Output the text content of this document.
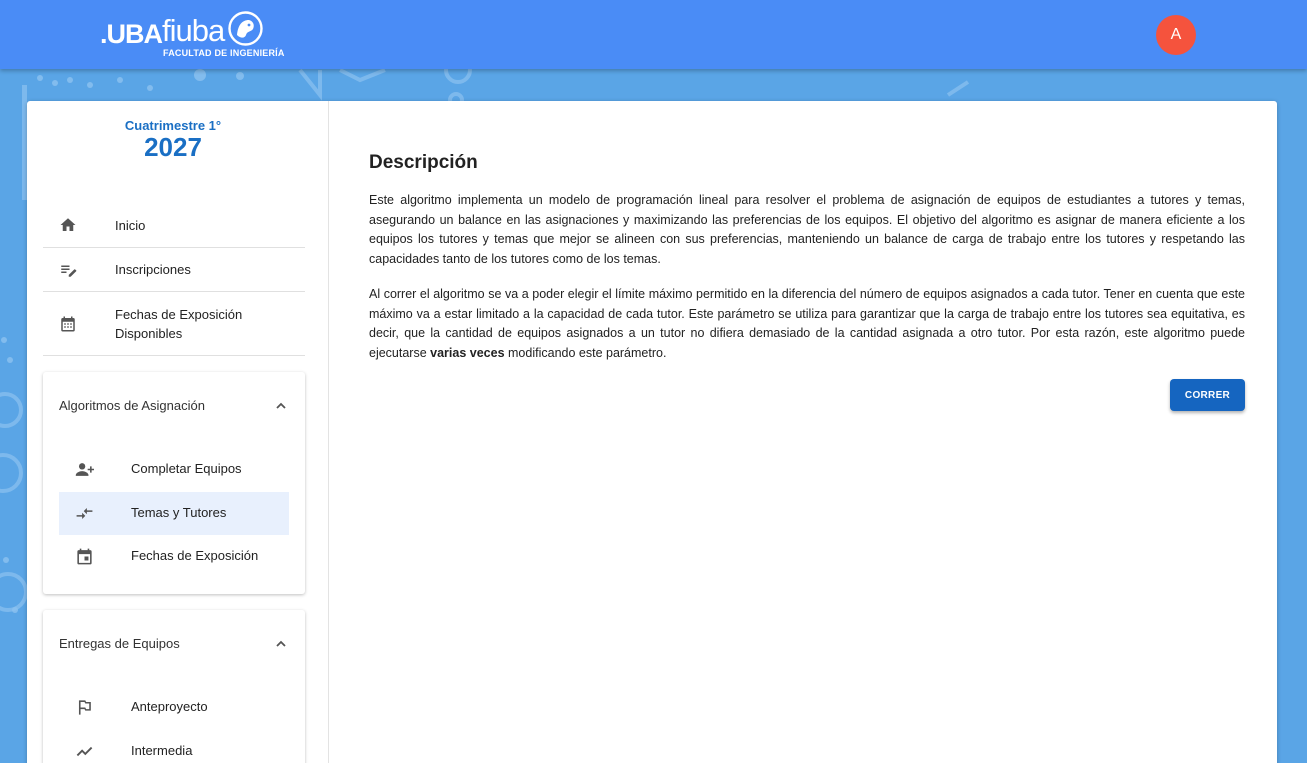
.UBA fiuba
FACULTAD DE INGENIERÍA
A
Cuatrimestre 1°
2027
Inicio
Inscripciones
Fechas de Exposición Disponibles
Algoritmos de Asignación
Completar Equipos
Temas y Tutores
Fechas de Exposición
Entregas de Equipos
Anteproyecto
Intermedia
Descripción

Este algoritmo implementa un modelo de programación lineal para resolver el problema de asignación de equipos de estudiantes a tutores y temas, asegurando un balance en las asignaciones y maximizando las preferencias de los equipos. El objetivo del algoritmo es asignar de manera eficiente a los equipos los tutores y temas que mejor se alineen con sus preferencias, manteniendo un balance de carga de trabajo entre los tutores y respetando las capacidades tanto de los tutores como de los temas.

Al correr el algoritmo se va a poder elegir el límite máximo permitido en la diferencia del número de equipos asignados a cada tutor. Tener en cuenta que este máximo va a estar limitado a la capacidad de cada tutor. Este parámetro se utiliza para garantizar que la carga de trabajo entre los tutores sea equitativa, es decir, que la cantidad de equipos asignados a un tutor no difiera demasiado de la cantidad asignada a otro tutor. Por esta razón, este algoritmo puede ejecutarse varias veces modificando este parámetro.

CORRER
